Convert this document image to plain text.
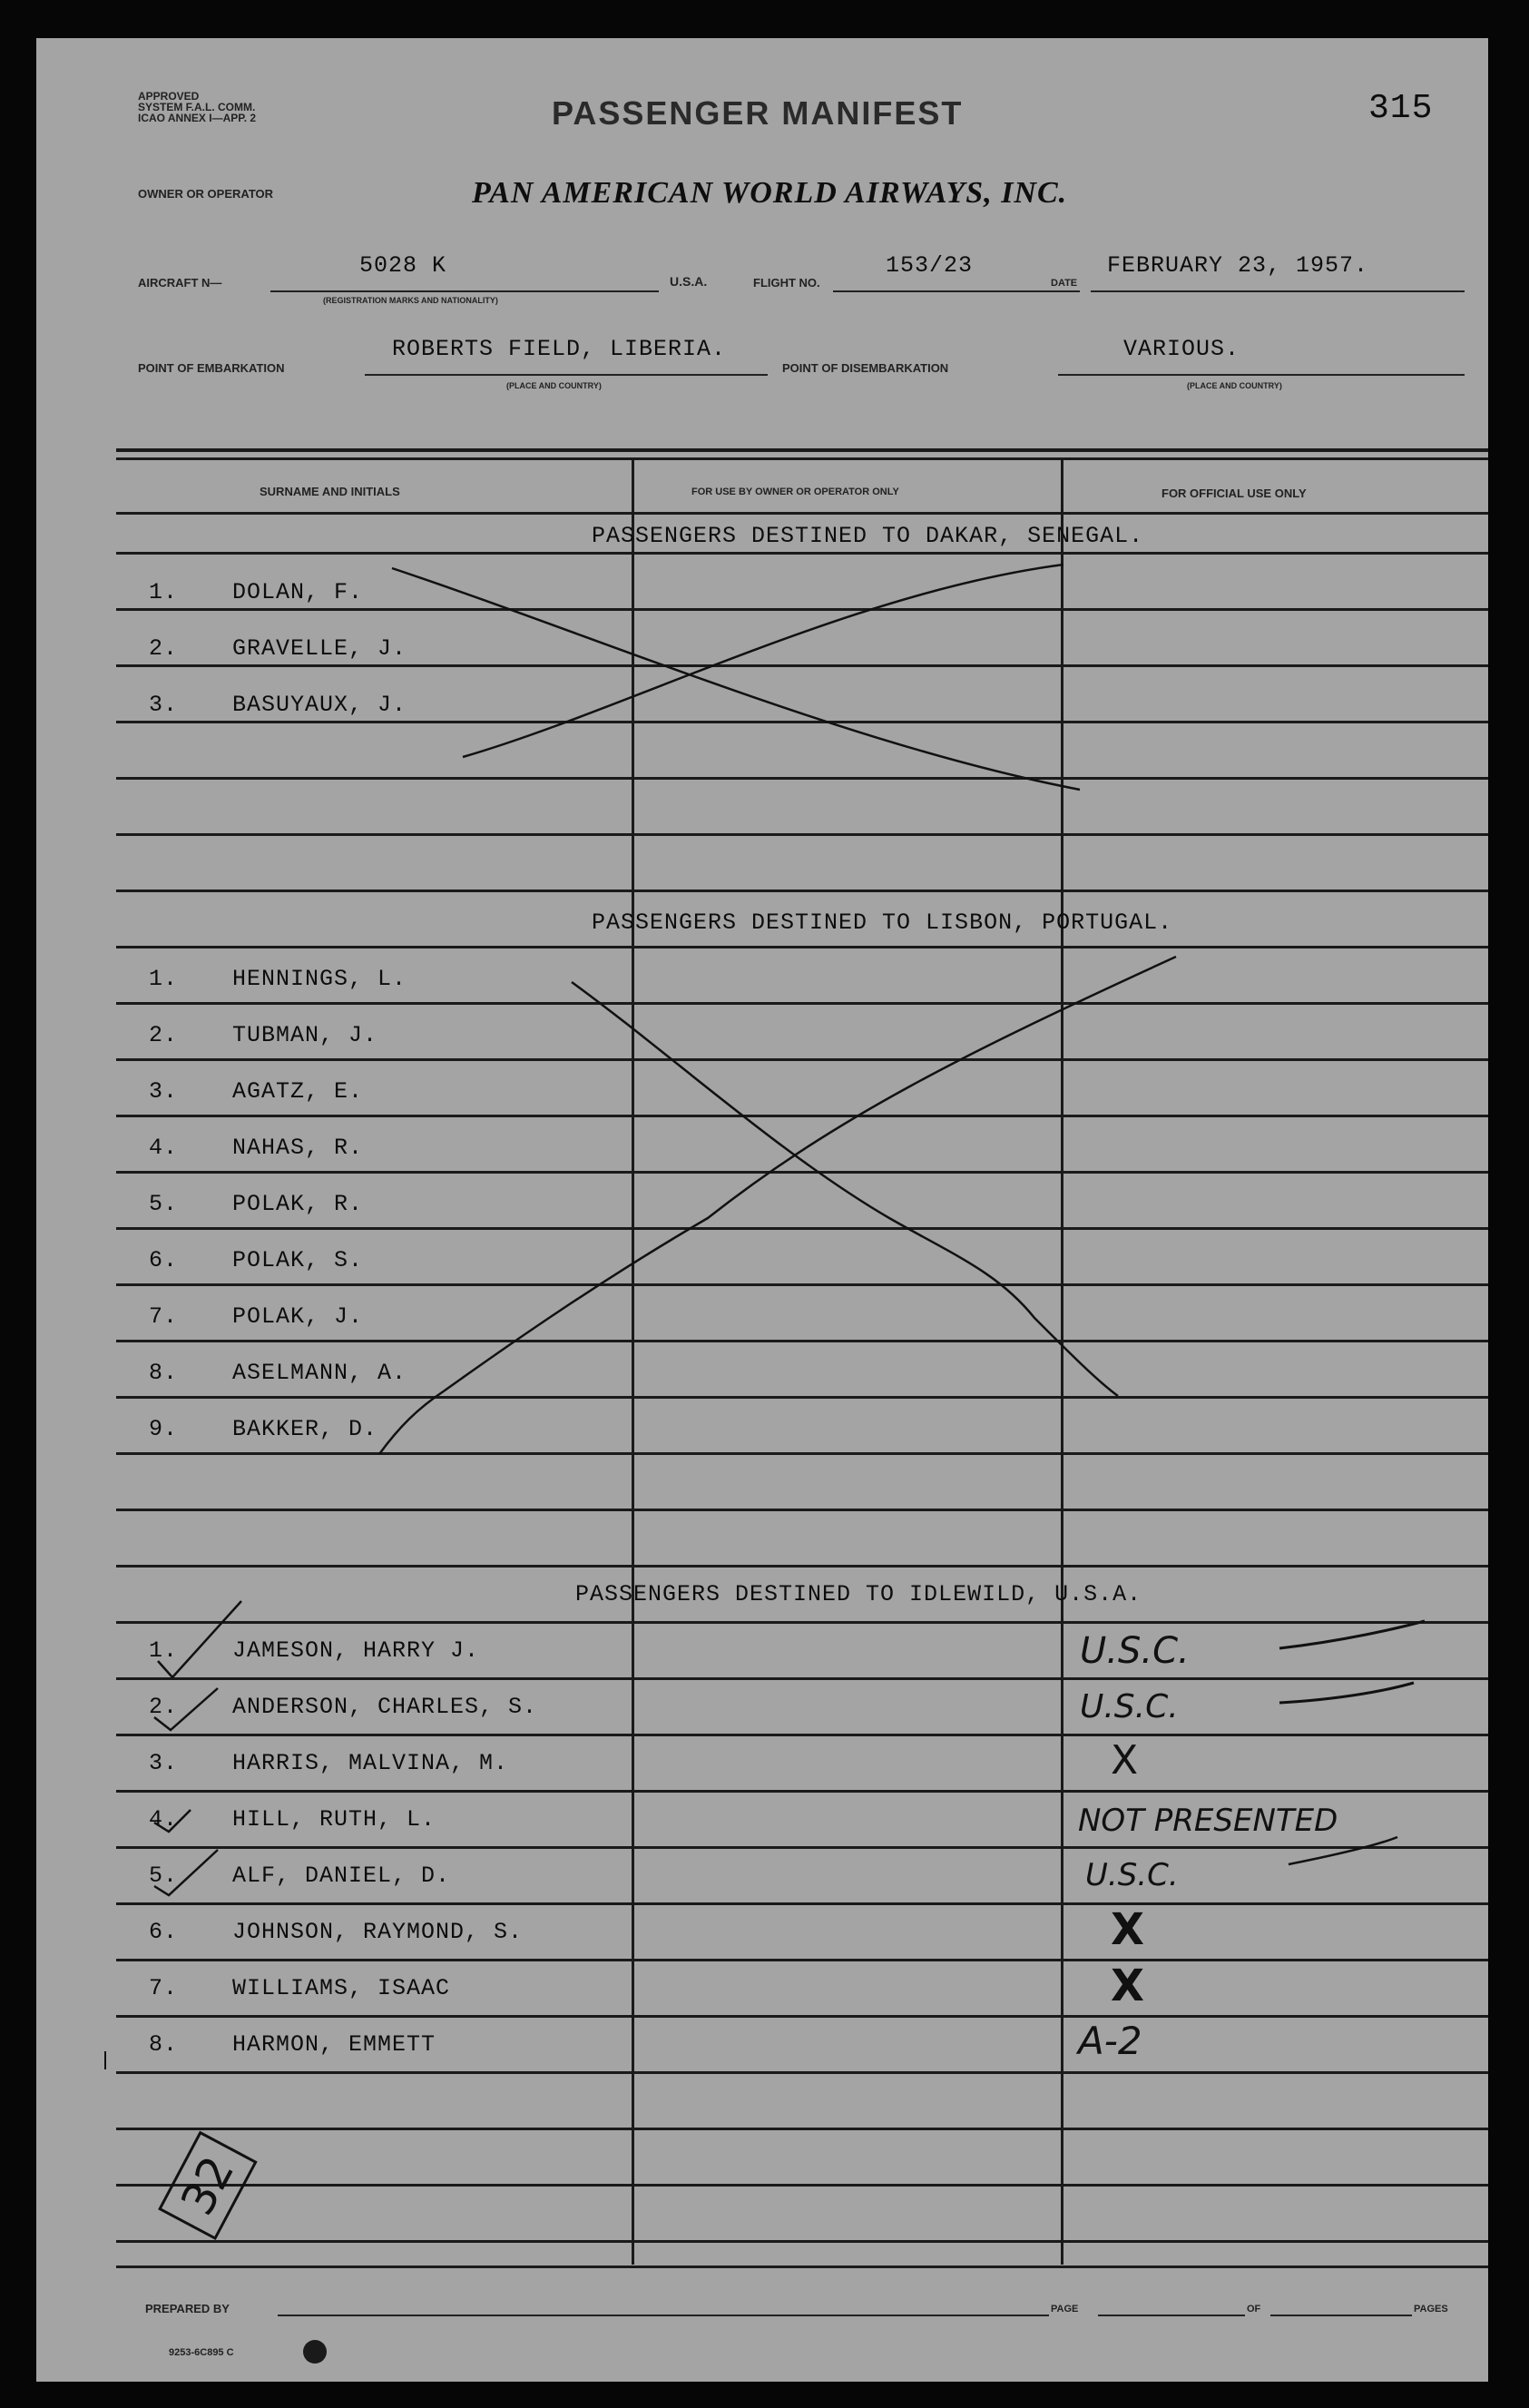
APPROVED
SYSTEM F.A.L. COMM.
ICAO ANNEX I—APP. 2	PASSENGER MANIFEST	315
OWNER OR OPERATOR	PAN AMERICAN WORLD AIRWAYS, INC.
AIRCRAFT N—
5028 K
(REGISTRATION MARKS AND NATIONALITY)
U.S.A.	FLIGHT NO.
153/23
DATE
FEBRUARY 23, 1957.
POINT OF EMBARKATION
ROBERTS FIELD, LIBERIA.
(PLACE AND COUNTRY)
POINT OF DISEMBARKATION
VARIOUS.
(PLACE AND COUNTRY)
SURNAME AND INITIALS	FOR USE BY OWNER OR OPERATOR ONLY	FOR OFFICIAL USE ONLY
PASSENGERS DESTINED TO DAKAR, SENEGAL.
1. DOLAN, F.
2. GRAVELLE, J.
3. BASUYAUX, J.
PASSENGERS DESTINED TO LISBON, PORTUGAL.
1. HENNINGS, L.
2. TUBMAN, J.
3. AGATZ, E.
4. NAHAS, R.
5. POLAK, R.
6. POLAK, S.
7. POLAK, J.
8. ASELMANN, A.
9. BAKKER, D.
PASSENGERS DESTINED TO IDLEWILD, U.S.A.
1. JAMESON, HARRY J.	U.S.C.
2. ANDERSON, CHARLES, S.	U.S.C.
3. HARRIS, MALVINA, M.	X
4. HILL, RUTH, L.	NOT PRESENTED
5. ALF, DANIEL, D.	U.S.C.
6. JOHNSON, RAYMOND, S.	X
7. WILLIAMS, ISAAC	X
8. HARMON, EMMETT	A-2
32
PREPARED BY	PAGE	OF	PAGES
9253-6C895 C
